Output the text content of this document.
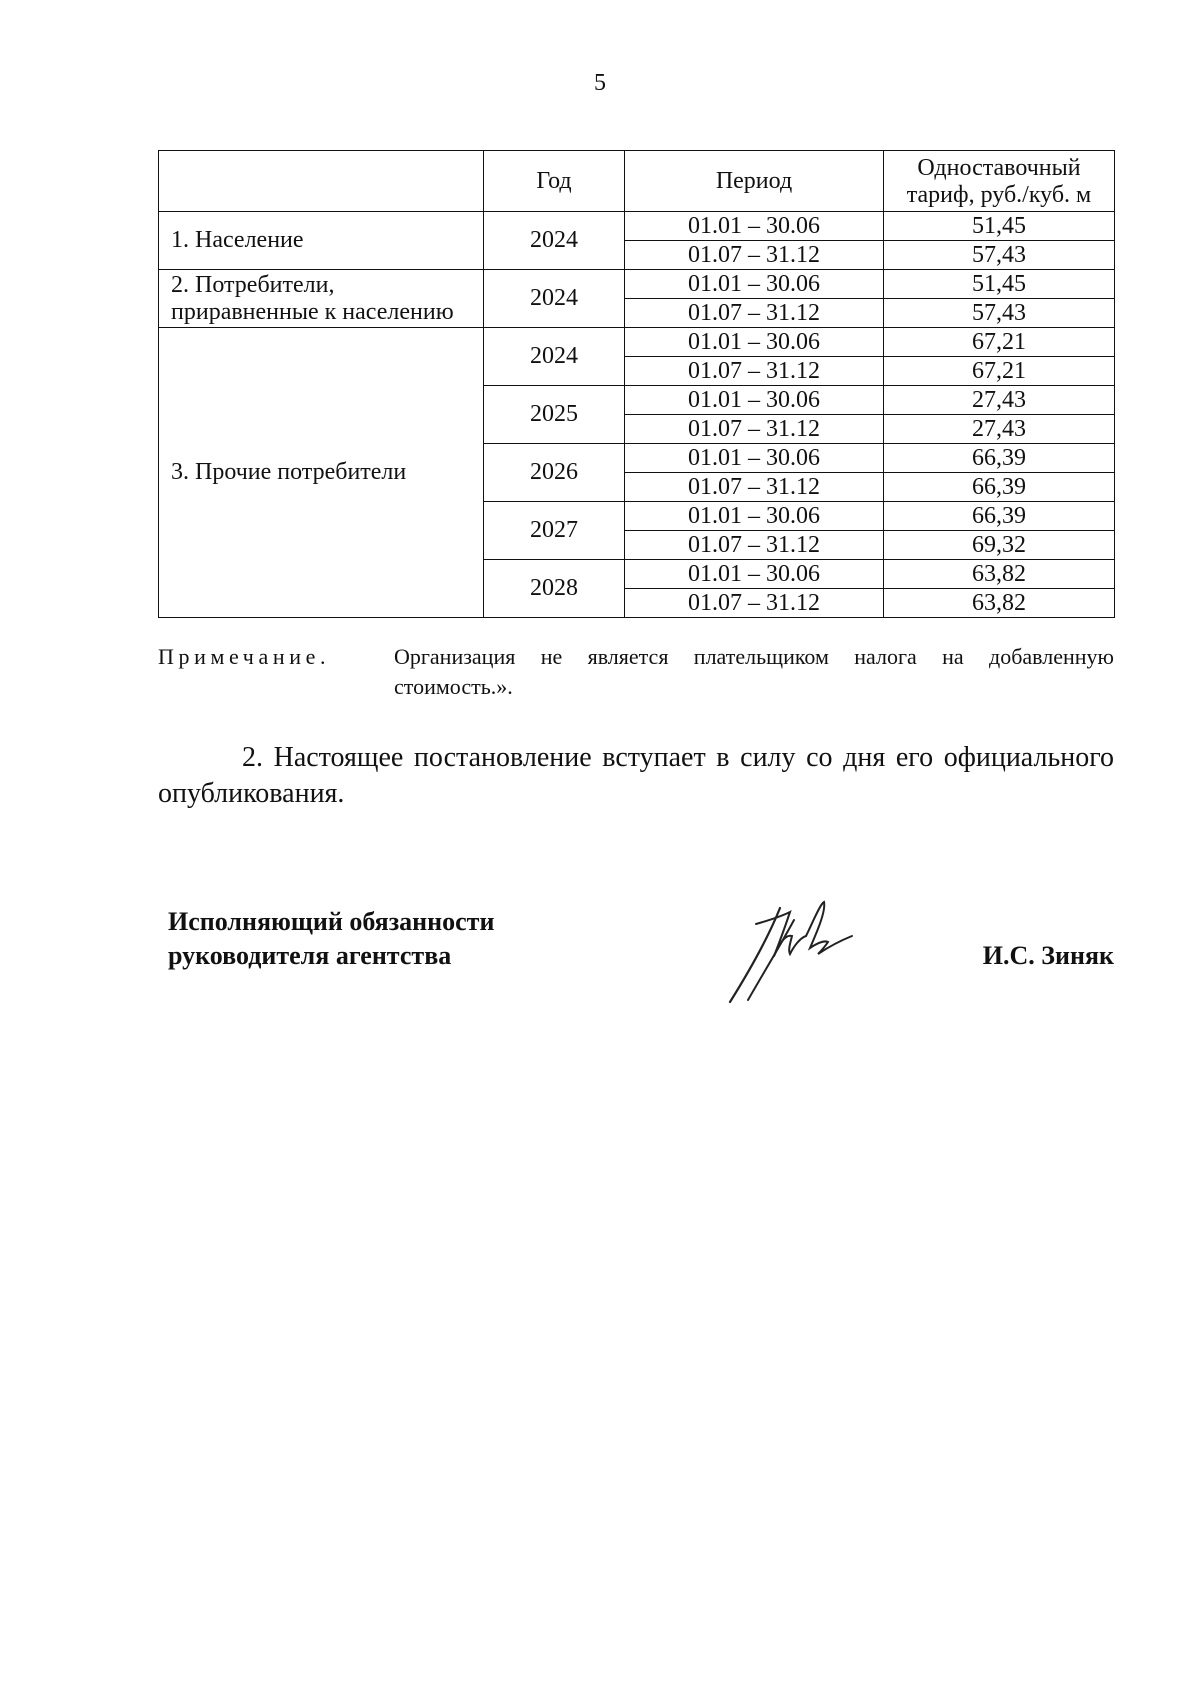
5
	Год	Период	Одноставочный
тариф, руб./куб. м
1. Население	2024	01.01 – 30.06	51,45
		01.07 – 31.12	57,43
2. Потребители,
приравненные к населению	2024	01.01 – 30.06	51,45
		01.07 – 31.12	57,43
3. Прочие потребители	2024	01.01 – 30.06	67,21
		01.07 – 31.12	67,21
	2025	01.01 – 30.06	27,43
		01.07 – 31.12	27,43
	2026	01.01 – 30.06	66,39
		01.07 – 31.12	66,39
	2027	01.01 – 30.06	66,39
		01.07 – 31.12	69,32
	2028	01.01 – 30.06	63,82
		01.07 – 31.12	63,82
Примечание.	Организация не является плательщиком налога на добавленную
стоимость.».
2. Настоящее постановление вступает в силу со дня его официального
опубликования.
Исполняющий обязанности
руководителя агентства	И.С. Зиняк
